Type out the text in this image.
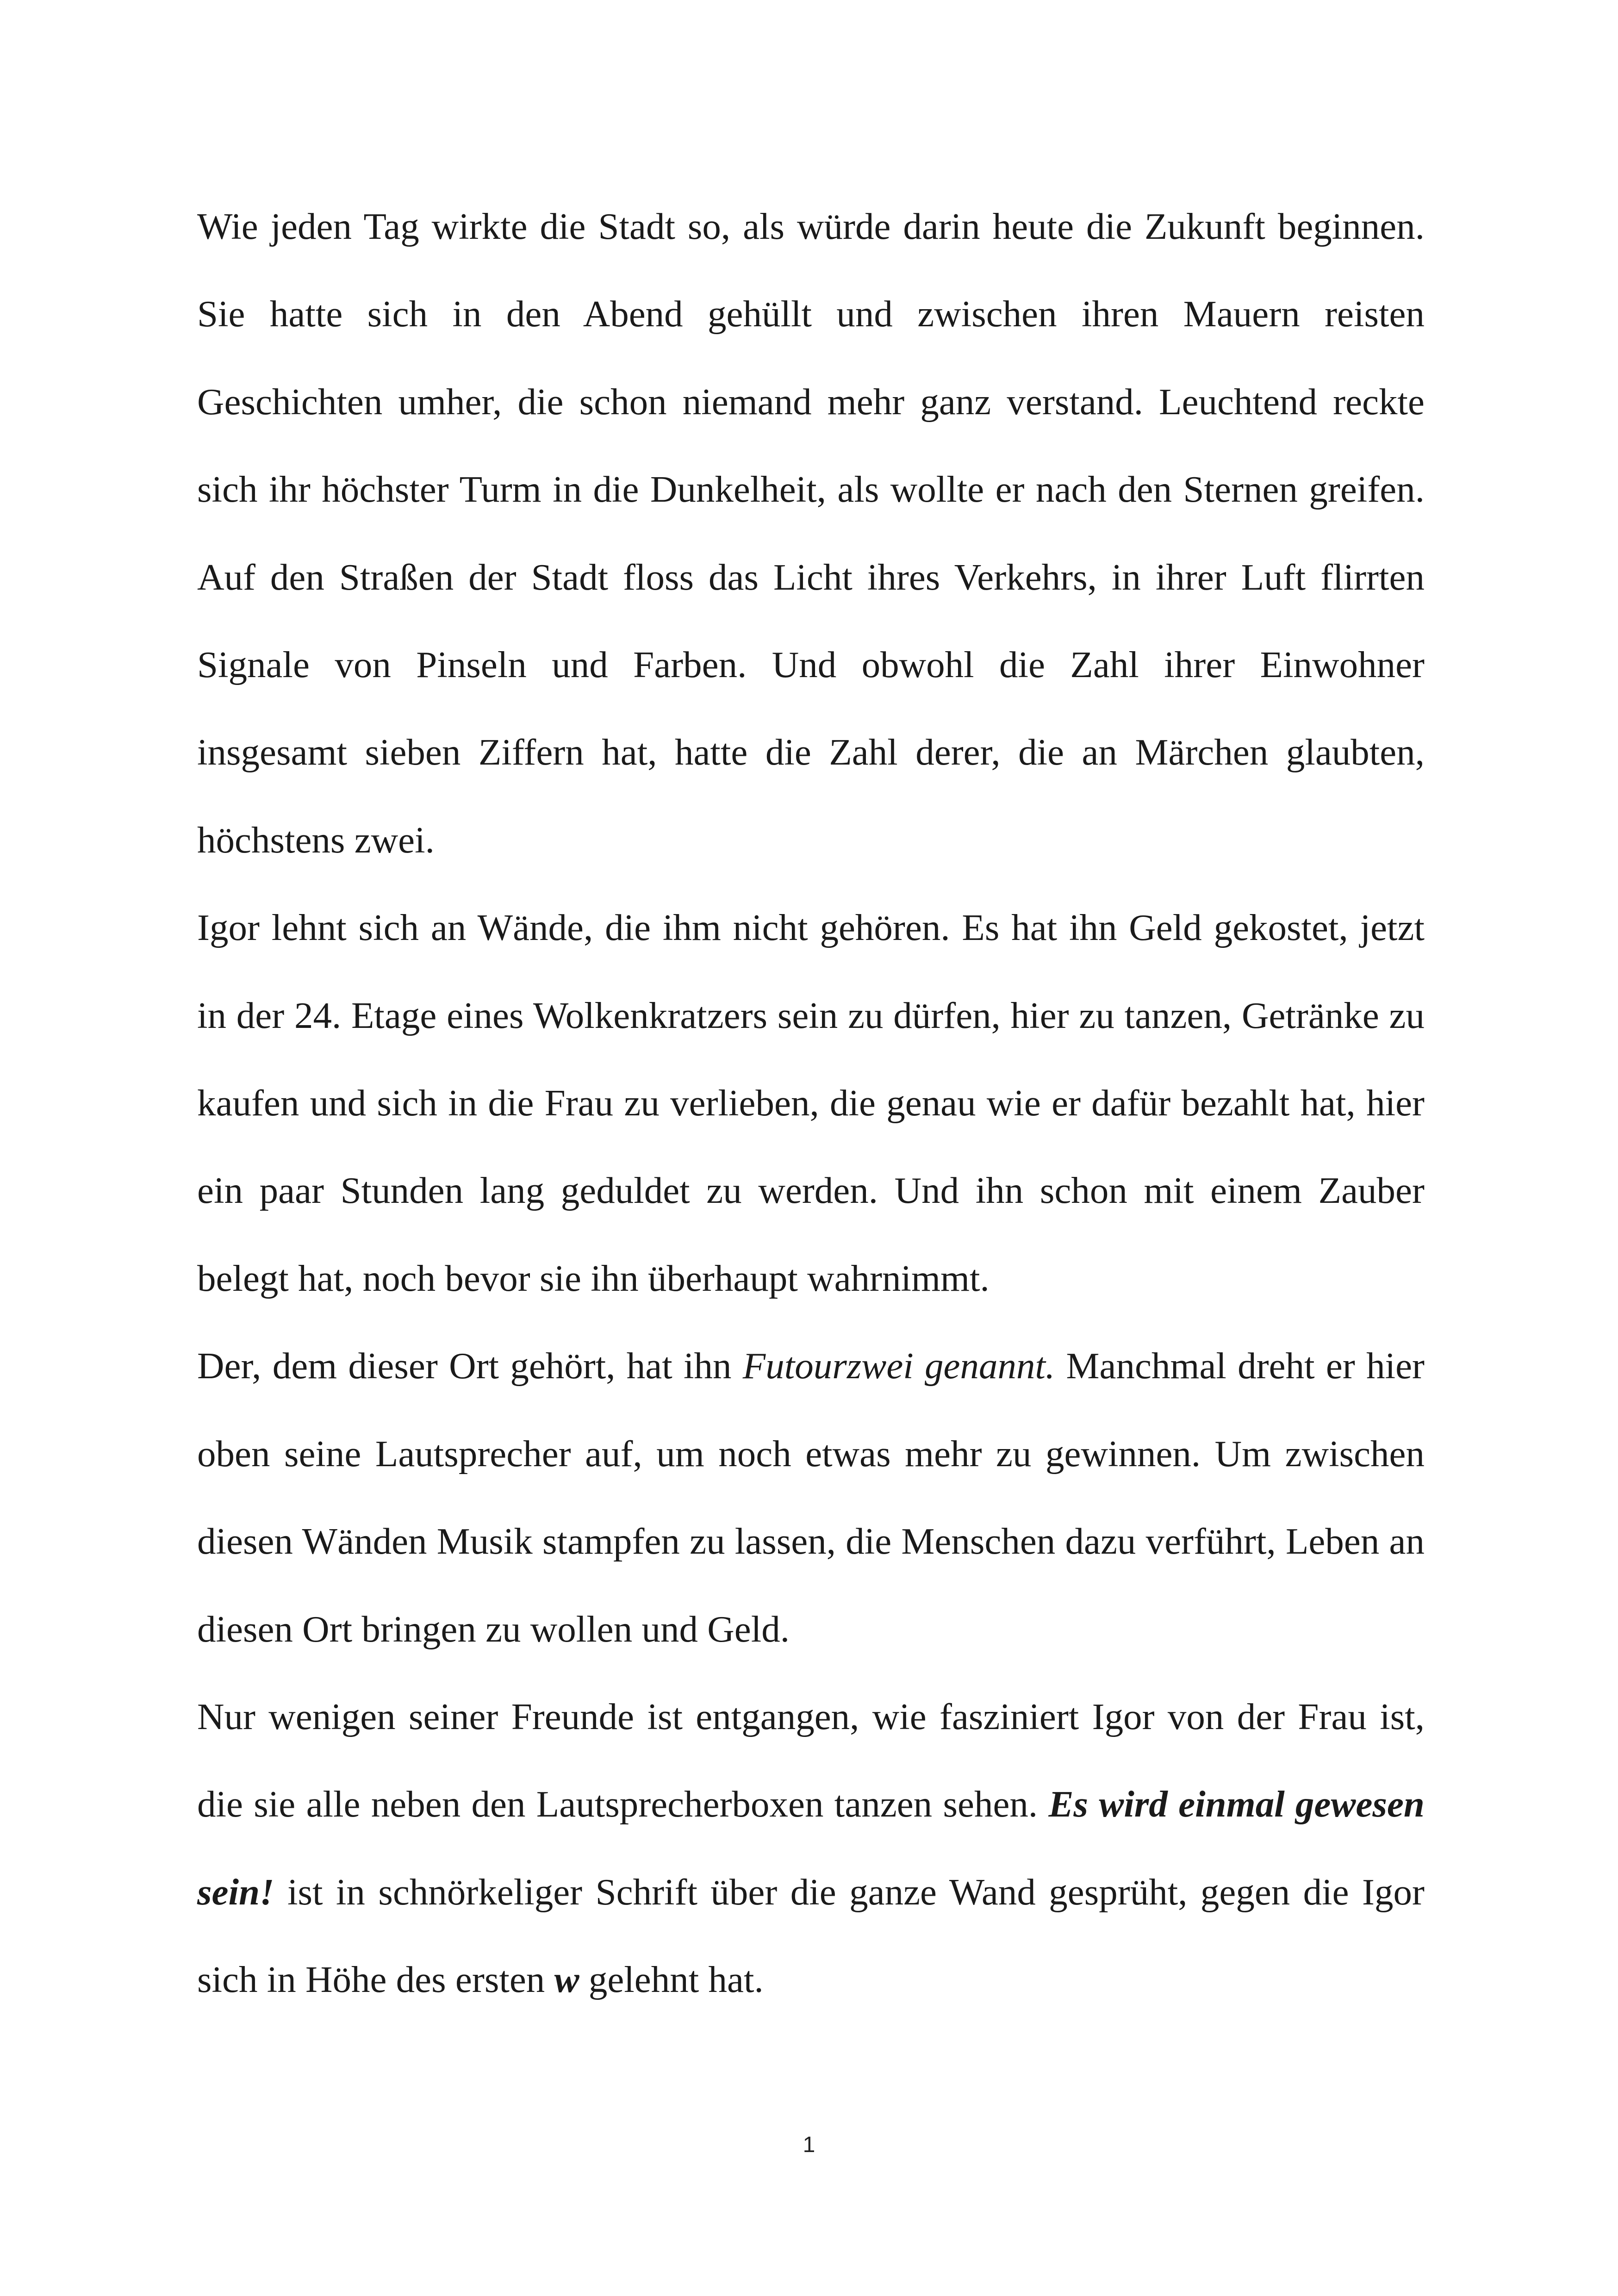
Wie jeden Tag wirkte die Stadt so, als würde darin heute die Zukunft beginnen. Sie hatte sich in den Abend gehüllt und zwischen ihren Mauern reisten Geschichten umher, die schon niemand mehr ganz verstand. Leuchtend reckte sich ihr höchster Turm in die Dunkelheit, als wollte er nach den Sternen greifen. Auf den Straßen der Stadt floss das Licht ihres Verkehrs, in ihrer Luft flirrten Signale von Pinseln und Farben. Und obwohl die Zahl ihrer Einwohner insgesamt sieben Ziffern hat, hatte die Zahl derer, die an Märchen glaubten, höchstens zwei.

Igor lehnt sich an Wände, die ihm nicht gehören. Es hat ihn Geld gekostet, jetzt in der 24. Etage eines Wolkenkratzers sein zu dürfen, hier zu tanzen, Getränke zu kaufen und sich in die Frau zu verlieben, die genau wie er dafür bezahlt hat, hier ein paar Stunden lang geduldet zu werden. Und ihn schon mit einem Zauber belegt hat, noch bevor sie ihn überhaupt wahrnimmt.

Der, dem dieser Ort gehört, hat ihn Futourzwei genannt. Manchmal dreht er hier oben seine Lautsprecher auf, um noch etwas mehr zu gewinnen. Um zwischen diesen Wänden Musik stampfen zu lassen, die Menschen dazu verführt, Leben an diesen Ort bringen zu wollen und Geld.

Nur wenigen seiner Freunde ist entgangen, wie fasziniert Igor von der Frau ist, die sie alle neben den Lautsprecherboxen tanzen sehen. Es wird einmal gewesen sein! ist in schnörkeliger Schrift über die ganze Wand gesprüht, gegen die Igor sich in Höhe des ersten w gelehnt hat.

1
